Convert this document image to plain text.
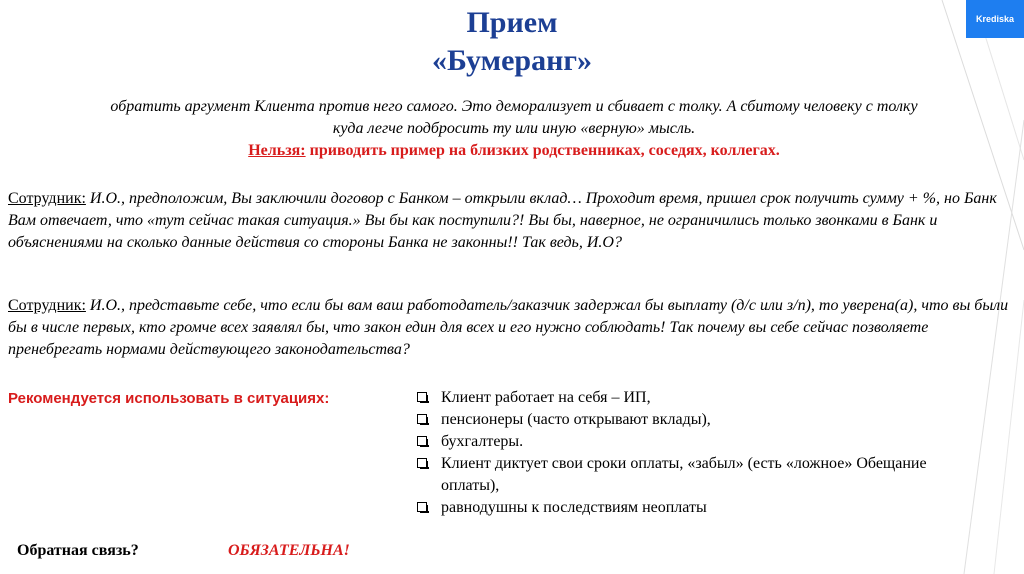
Krediska
Прием
«Бумеранг»
обратить аргумент Клиента против него самого. Это деморализует и сбивает с толку. А сбитому человеку с толку
куда легче подбросить ту или иную «верную» мысль.
Нельзя: приводить пример на близких родственниках, соседях, коллегах.
Сотрудник: И.О., предположим, Вы заключили договор с Банком – открыли вклад… Проходит время, пришел срок получить сумму + %, но Банк Вам отвечает, что «тут сейчас такая ситуация.» Вы бы как поступили?! Вы бы, наверное, не ограничились только звонками в Банк и объяснениями на сколько данные действия со стороны Банка не законны!! Так ведь, И.О?
Сотрудник: И.О., представьте себе, что если бы вам ваш работодатель/заказчик задержал бы выплату (д/с или з/п), то уверена(а), что вы были бы в числе первых, кто громче всех заявлял бы, что закон един для всех и его нужно соблюдать! Так почему вы себе сейчас позволяете пренебрегать нормами действующего законодательства?
Рекомендуется использовать в ситуациях:	Клиент работает на себя – ИП,
пенсионеры (часто открывают вклады),
бухгалтеры.
Клиент диктует свои сроки оплаты, «забыл» (есть «ложное» Обещание
оплаты),
равнодушны к последствиям неоплаты
Обратная связь?	ОБЯЗАТЕЛЬНА!
